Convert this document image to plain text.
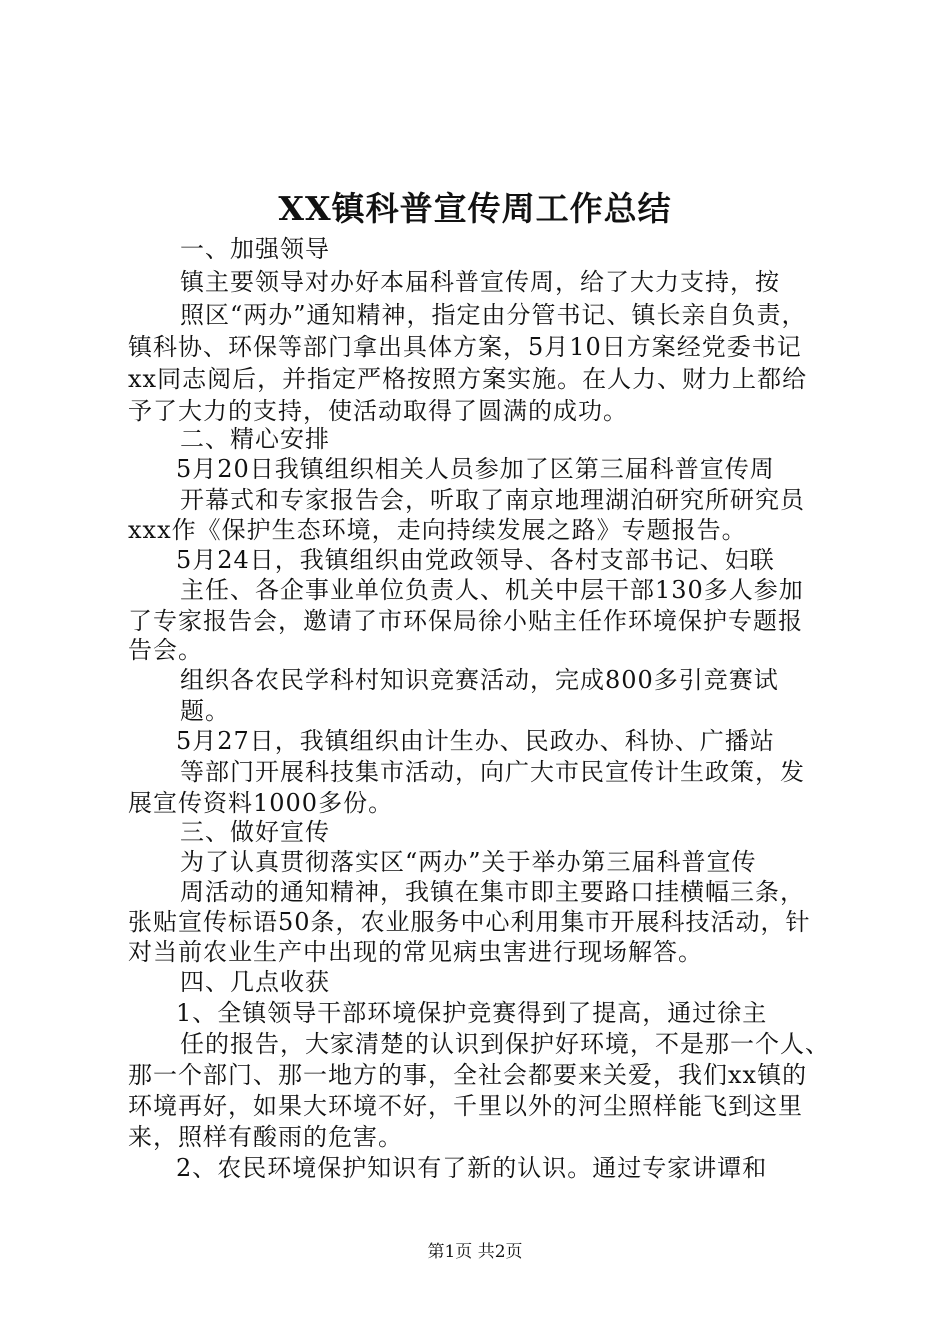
XX镇科普宣传周工作总结
一、加强领导
镇主要领导对办好本届科普宣传周，给了大力支持，按
照区“两办”通知精神，指定由分管书记、镇长亲自负责，
镇科协、环保等部门拿出具体方案，5月10日方案经党委书记
xx同志阅后，并指定严格按照方案实施。在人力、财力上都给
予了大力的支持，使活动取得了圆满的成功。
二、精心安排
5月20日我镇组织相关人员参加了区第三届科普宣传周
开幕式和专家报告会，听取了南京地理湖泊研究所研究员
xxx作《保护生态环境，走向持续发展之路》专题报告。
5月24日，我镇组织由党政领导、各村支部书记、妇联
主任、各企事业单位负责人、机关中层干部130多人参加
了专家报告会，邀请了市环保局徐小贴主任作环境保护专题报
告会。
组织各农民学科村知识竞赛活动，完成800多引竞赛试
题。
5月27日，我镇组织由计生办、民政办、科协、广播站
等部门开展科技集市活动，向广大市民宣传计生政策，发
展宣传资料1000多份。
三、做好宣传
为了认真贯彻落实区“两办”关于举办第三届科普宣传
周活动的通知精神，我镇在集市即主要路口挂横幅三条，
张贴宣传标语50条，农业服务中心利用集市开展科技活动，针
对当前农业生产中出现的常见病虫害进行现场解答。
四、几点收获
1、全镇领导干部环境保护竞赛得到了提高，通过徐主
任的报告，大家清楚的认识到保护好环境，不是那一个人、
那一个部门、那一地方的事，全社会都要来关爱，我们xx镇的
环境再好，如果大环境不好，千里以外的河尘照样能飞到这里
来，照样有酸雨的危害。
2、农民环境保护知识有了新的认识。通过专家讲谭和
第1页 共2页
